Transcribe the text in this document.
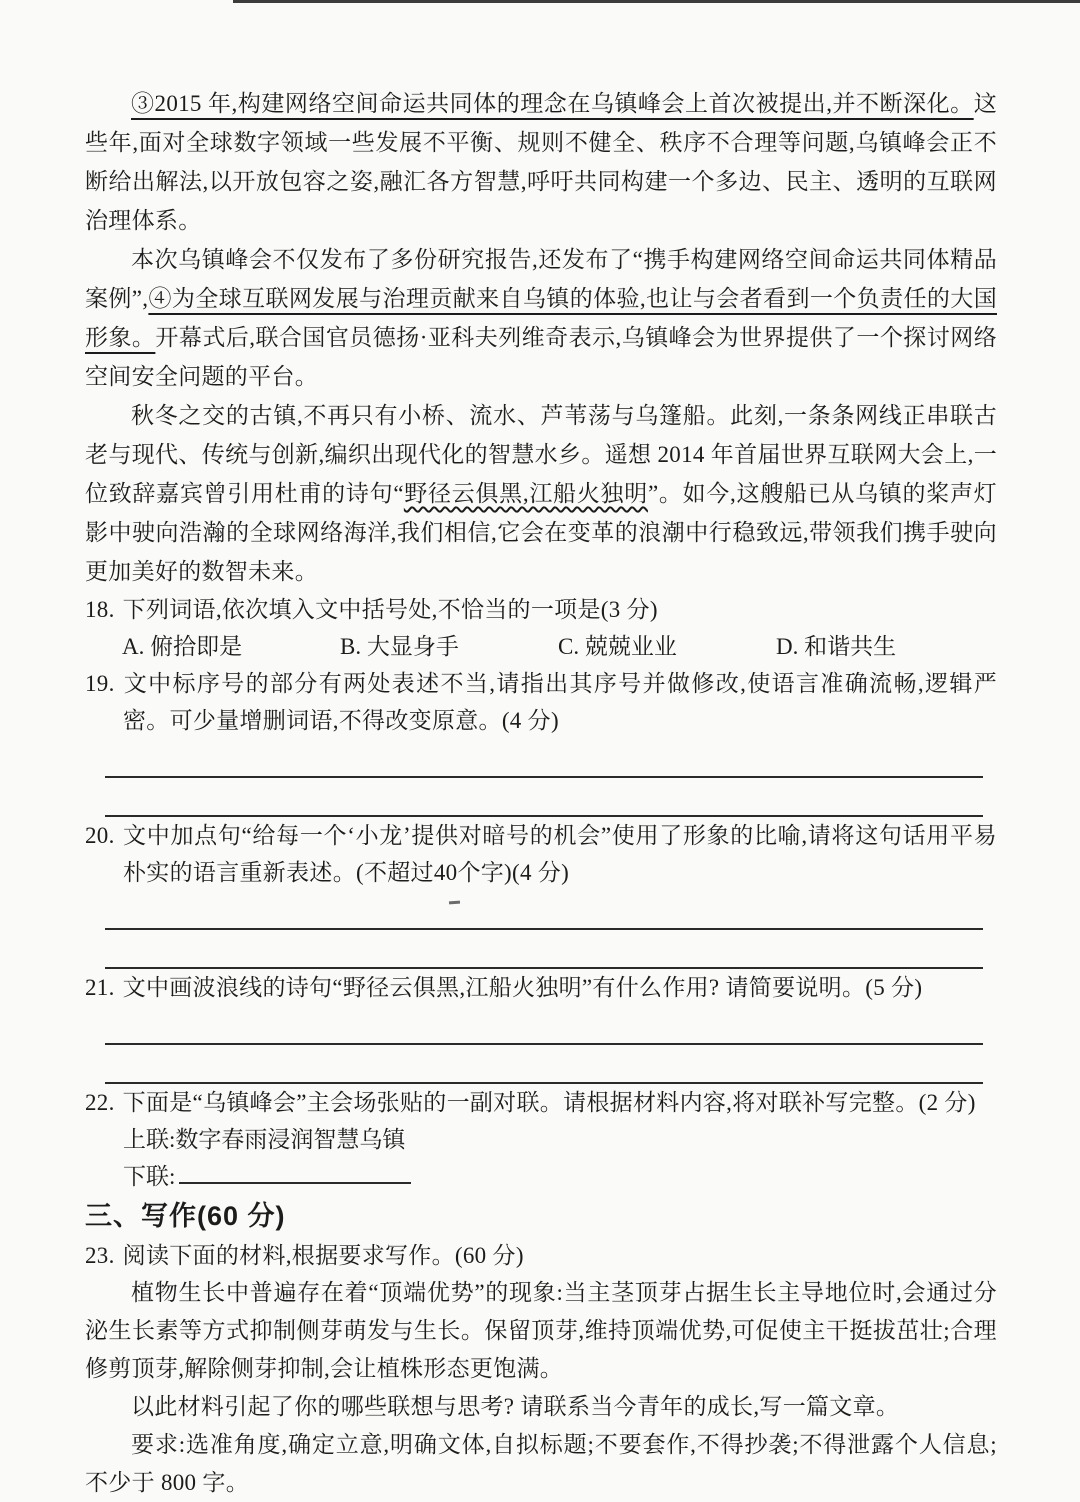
③2015 年,构建网络空间命运共同体的理念在乌镇峰会上首次被提出,并不断深化。这些年,面对全球数字领域一些发展不平衡、规则不健全、秩序不合理等问题,乌镇峰会正不断给出解法,以开放包容之姿,融汇各方智慧,呼吁共同构建一个多边、民主、透明的互联网治理体系。

本次乌镇峰会不仅发布了多份研究报告,还发布了“携手构建网络空间命运共同体精品案例”,④为全球互联网发展与治理贡献来自乌镇的体验,也让与会者看到一个负责任的大国形象。开幕式后,联合国官员德扬·亚科夫列维奇表示,乌镇峰会为世界提供了一个探讨网络空间安全问题的平台。

秋冬之交的古镇,不再只有小桥、流水、芦苇荡与乌篷船。此刻,一条条网线正串联古老与现代、传统与创新,编织出现代化的智慧水乡。遥想 2014 年首届世界互联网大会上,一位致辞嘉宾曾引用杜甫的诗句“野径云俱黑,江船火独明”。如今,这艘船已从乌镇的桨声灯影中驶向浩瀚的全球网络海洋,我们相信,它会在变革的浪潮中行稳致远,带领我们携手驶向更加美好的数智未来。

18. 下列词语,依次填入文中括号处,不恰当的一项是(3 分)

A. 俯拾即是	B. 大显身手	C. 兢兢业业	D. 和谐共生

19. 文中标序号的部分有两处表述不当,请指出其序号并做修改,使语言准确流畅,逻辑严密。可少量增删词语,不得改变原意。(4 分)

20. 文中加点句“给每一个‘小龙’提供对暗号的机会”使用了形象的比喻,请将这句话用平易朴实的语言重新表述。(不超过40个字)(4 分)

21. 文中画波浪线的诗句“野径云俱黑,江船火独明”有什么作用? 请简要说明。(5 分)

22. 下面是“乌镇峰会”主会场张贴的一副对联。请根据材料内容,将对联补写完整。(2 分)

上联:数字春雨浸润智慧乌镇

下联:

三、写作(60 分)

23. 阅读下面的材料,根据要求写作。(60 分)

植物生长中普遍存在着“顶端优势”的现象:当主茎顶芽占据生长主导地位时,会通过分泌生长素等方式抑制侧芽萌发与生长。保留顶芽,维持顶端优势,可促使主干挺拔茁壮;合理修剪顶芽,解除侧芽抑制,会让植株形态更饱满。

以此材料引起了你的哪些联想与思考? 请联系当今青年的成长,写一篇文章。

要求:选准角度,确定立意,明确文体,自拟标题;不要套作,不得抄袭;不得泄露个人信息;不少于 800 字。
